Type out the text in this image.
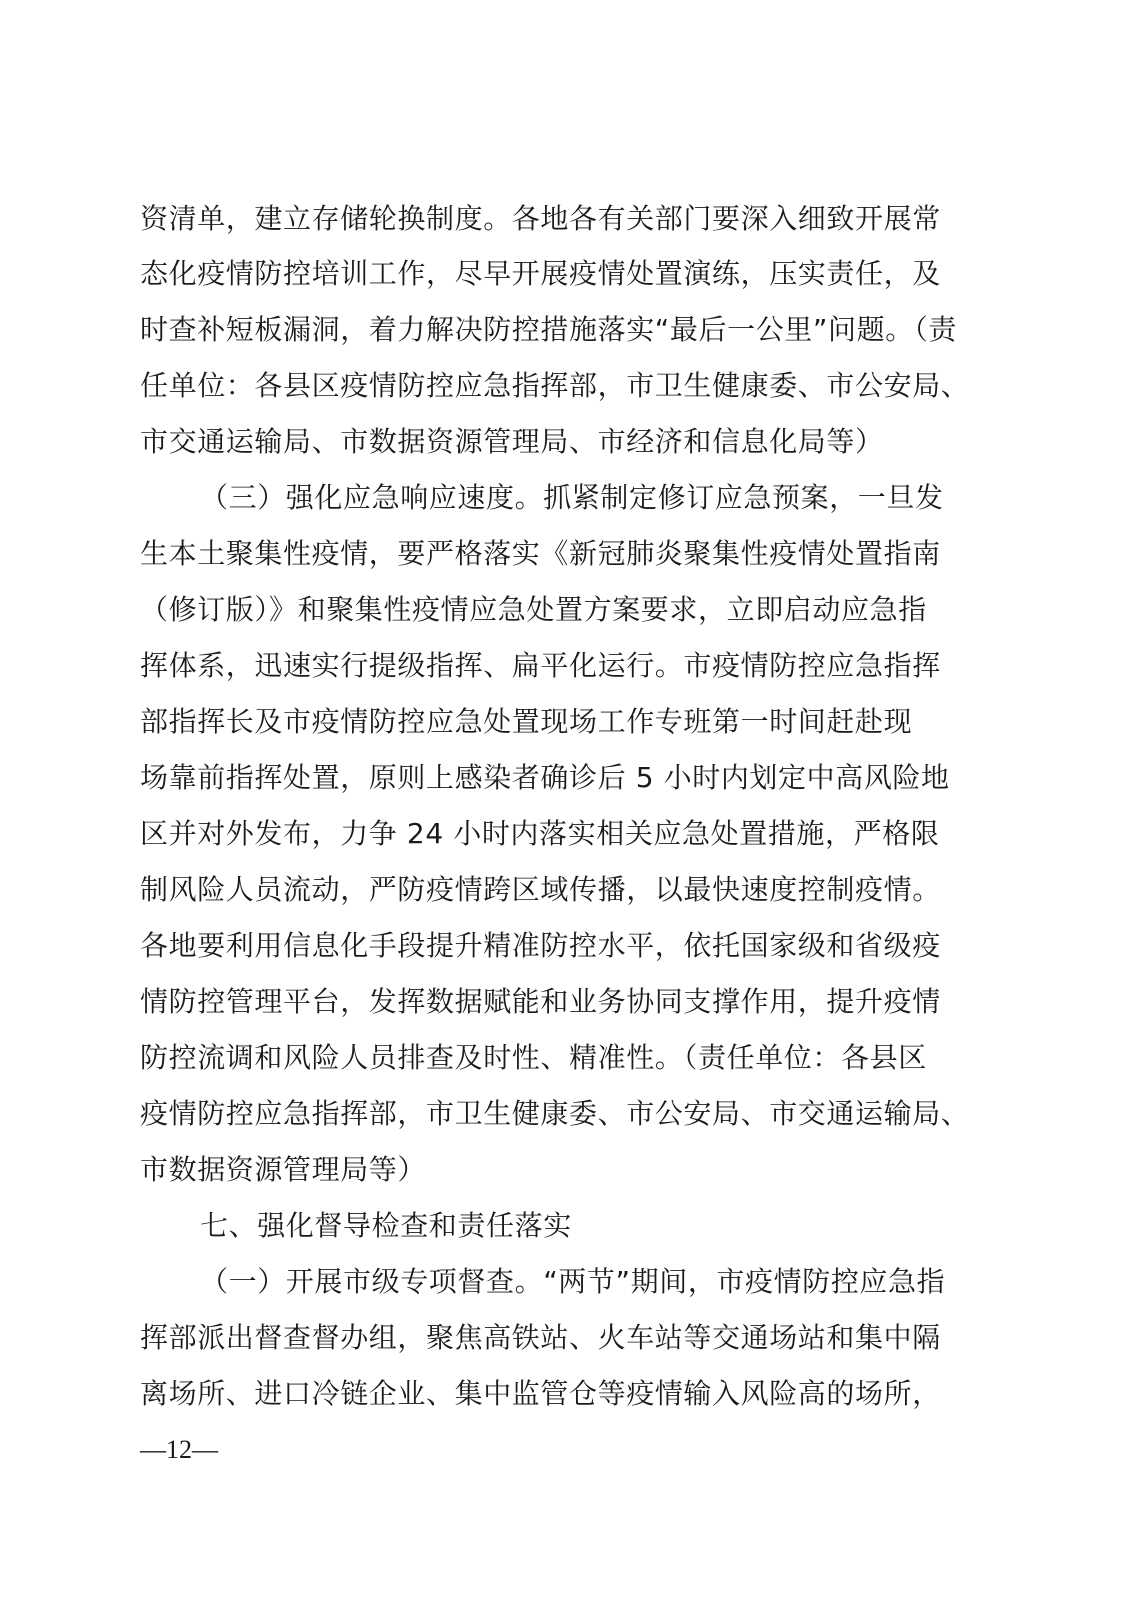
资清单，建立存储轮换制度。各地各有关部门要深入细致开展常
态化疫情防控培训工作，尽早开展疫情处置演练，压实责任，及
时查补短板漏洞，着力解决防控措施落实“最后一公里”问题。（责
任单位：各县区疫情防控应急指挥部，市卫生健康委、市公安局、
市交通运输局、市数据资源管理局、市经济和信息化局等）
（三）强化应急响应速度。抓紧制定修订应急预案，一旦发
生本土聚集性疫情，要严格落实《新冠肺炎聚集性疫情处置指南
（修订版）》和聚集性疫情应急处置方案要求，立即启动应急指
挥体系，迅速实行提级指挥、扁平化运行。市疫情防控应急指挥
部指挥长及市疫情防控应急处置现场工作专班第一时间赶赴现
场靠前指挥处置，原则上感染者确诊后 5 小时内划定中高风险地
区并对外发布，力争 24 小时内落实相关应急处置措施，严格限
制风险人员流动，严防疫情跨区域传播，以最快速度控制疫情。
各地要利用信息化手段提升精准防控水平，依托国家级和省级疫
情防控管理平台，发挥数据赋能和业务协同支撑作用，提升疫情
防控流调和风险人员排查及时性、精准性。（责任单位：各县区
疫情防控应急指挥部，市卫生健康委、市公安局、市交通运输局、
市数据资源管理局等）
七、强化督导检查和责任落实
（一）开展市级专项督查。“两节”期间，市疫情防控应急指
挥部派出督查督办组，聚焦高铁站、火车站等交通场站和集中隔
离场所、进口冷链企业、集中监管仓等疫情输入风险高的场所，
—12—
